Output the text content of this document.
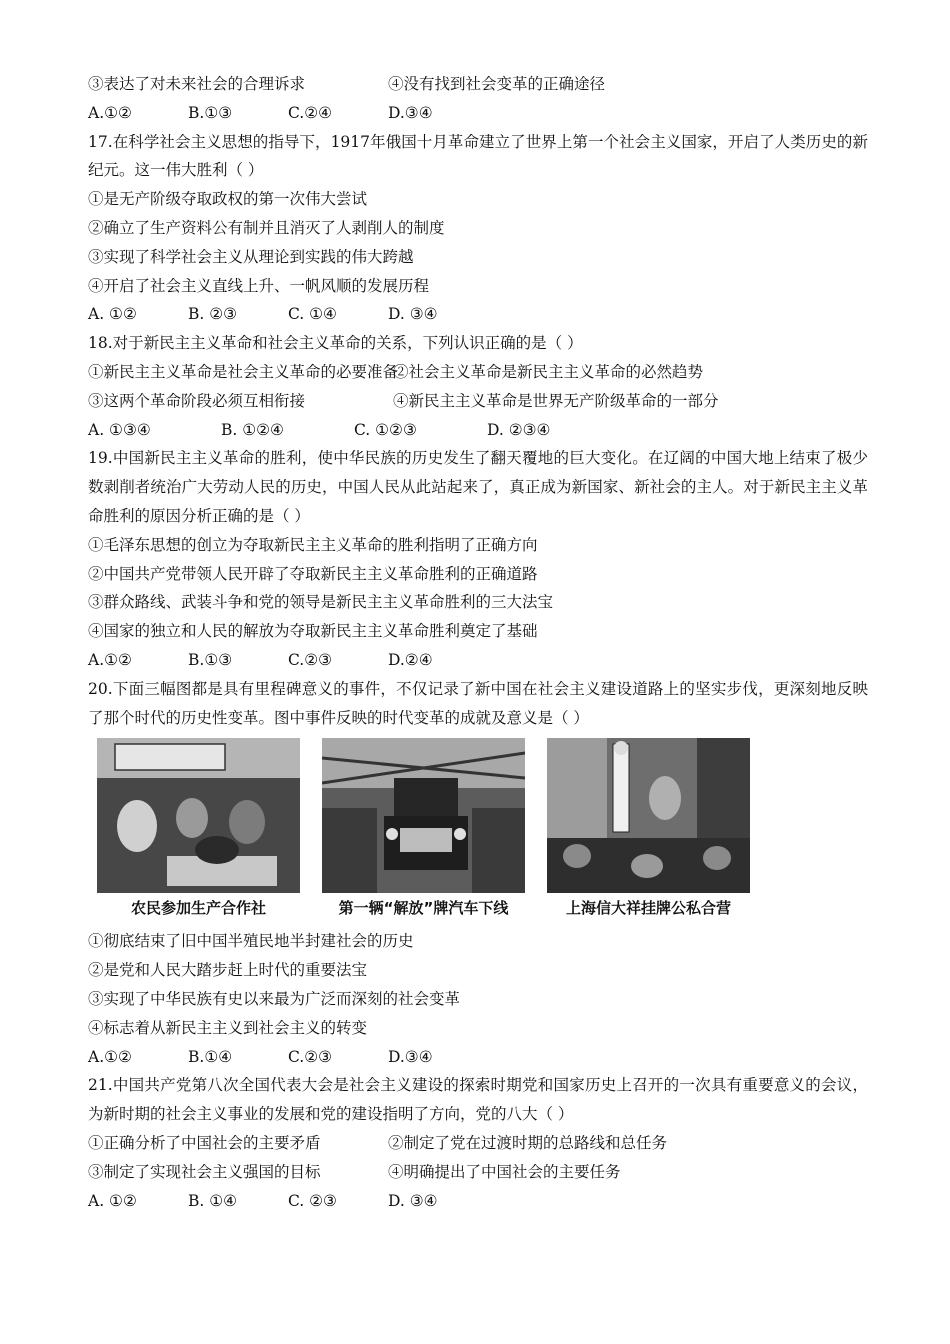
③表达了对未来社会的合理诉求	④没有找到社会变革的正确途径
A.①②	B.①③	C.②④	D.③④
17.在科学社会主义思想的指导下，1917年俄国十月革命建立了世界上第一个社会主义国家，开启了人类历史的新纪元。这一伟大胜利（ ）
①是无产阶级夺取政权的第一次伟大尝试
②确立了生产资料公有制并且消灭了人剥削人的制度
③实现了科学社会主义从理论到实践的伟大跨越
④开启了社会主义直线上升、一帆风顺的发展历程
A. ①②	B. ②③	C. ①④	D. ③④
18.对于新民主主义革命和社会主义革命的关系，下列认识正确的是（ ）
①新民主主义革命是社会主义革命的必要准备
②社会主义革命是新民主主义革命的必然趋势
③这两个革命阶段必须互相衔接	④新民主主义革命是世界无产阶级革命的一部分
A. ①③④	B. ①②④	C. ①②③	D. ②③④
19.中国新民主主义革命的胜利，使中华民族的历史发生了翻天覆地的巨大变化。在辽阔的中国大地上结束了极少数剥削者统治广大劳动人民的历史，中国人民从此站起来了，真正成为新国家、新社会的主人。对于新民主主义革命胜利的原因分析正确的是（ ）
①毛泽东思想的创立为夺取新民主主义革命的胜利指明了正确方向
②中国共产党带领人民开辟了夺取新民主主义革命胜利的正确道路
③群众路线、武装斗争和党的领导是新民主主义革命胜利的三大法宝
④国家的独立和人民的解放为夺取新民主主义革命胜利奠定了基础
A.①②	B.①③	C.②③	D.②④
20.下面三幅图都是具有里程碑意义的事件，不仅记录了新中国在社会主义建设道路上的坚实步伐，更深刻地反映了那个时代的历史性变革。图中事件反映的时代变革的成就及意义是（ ）
农民参加生产合作社	第一辆“解放”牌汽车下线	上海信大祥挂牌公私合营
①彻底结束了旧中国半殖民地半封建社会的历史
②是党和人民大踏步赶上时代的重要法宝
③实现了中华民族有史以来最为广泛而深刻的社会变革
④标志着从新民主主义到社会主义的转变
A.①②	B.①④	C.②③	D.③④
21.中国共产党第八次全国代表大会是社会主义建设的探索时期党和国家历史上召开的一次具有重要意义的会议，为新时期的社会主义事业的发展和党的建设指明了方向，党的八大（ ）
①正确分析了中国社会的主要矛盾	②制定了党在过渡时期的总路线和总任务
③制定了实现社会主义强国的目标	④明确提出了中国社会的主要任务
A. ①②	B. ①④	C. ②③	D. ③④
